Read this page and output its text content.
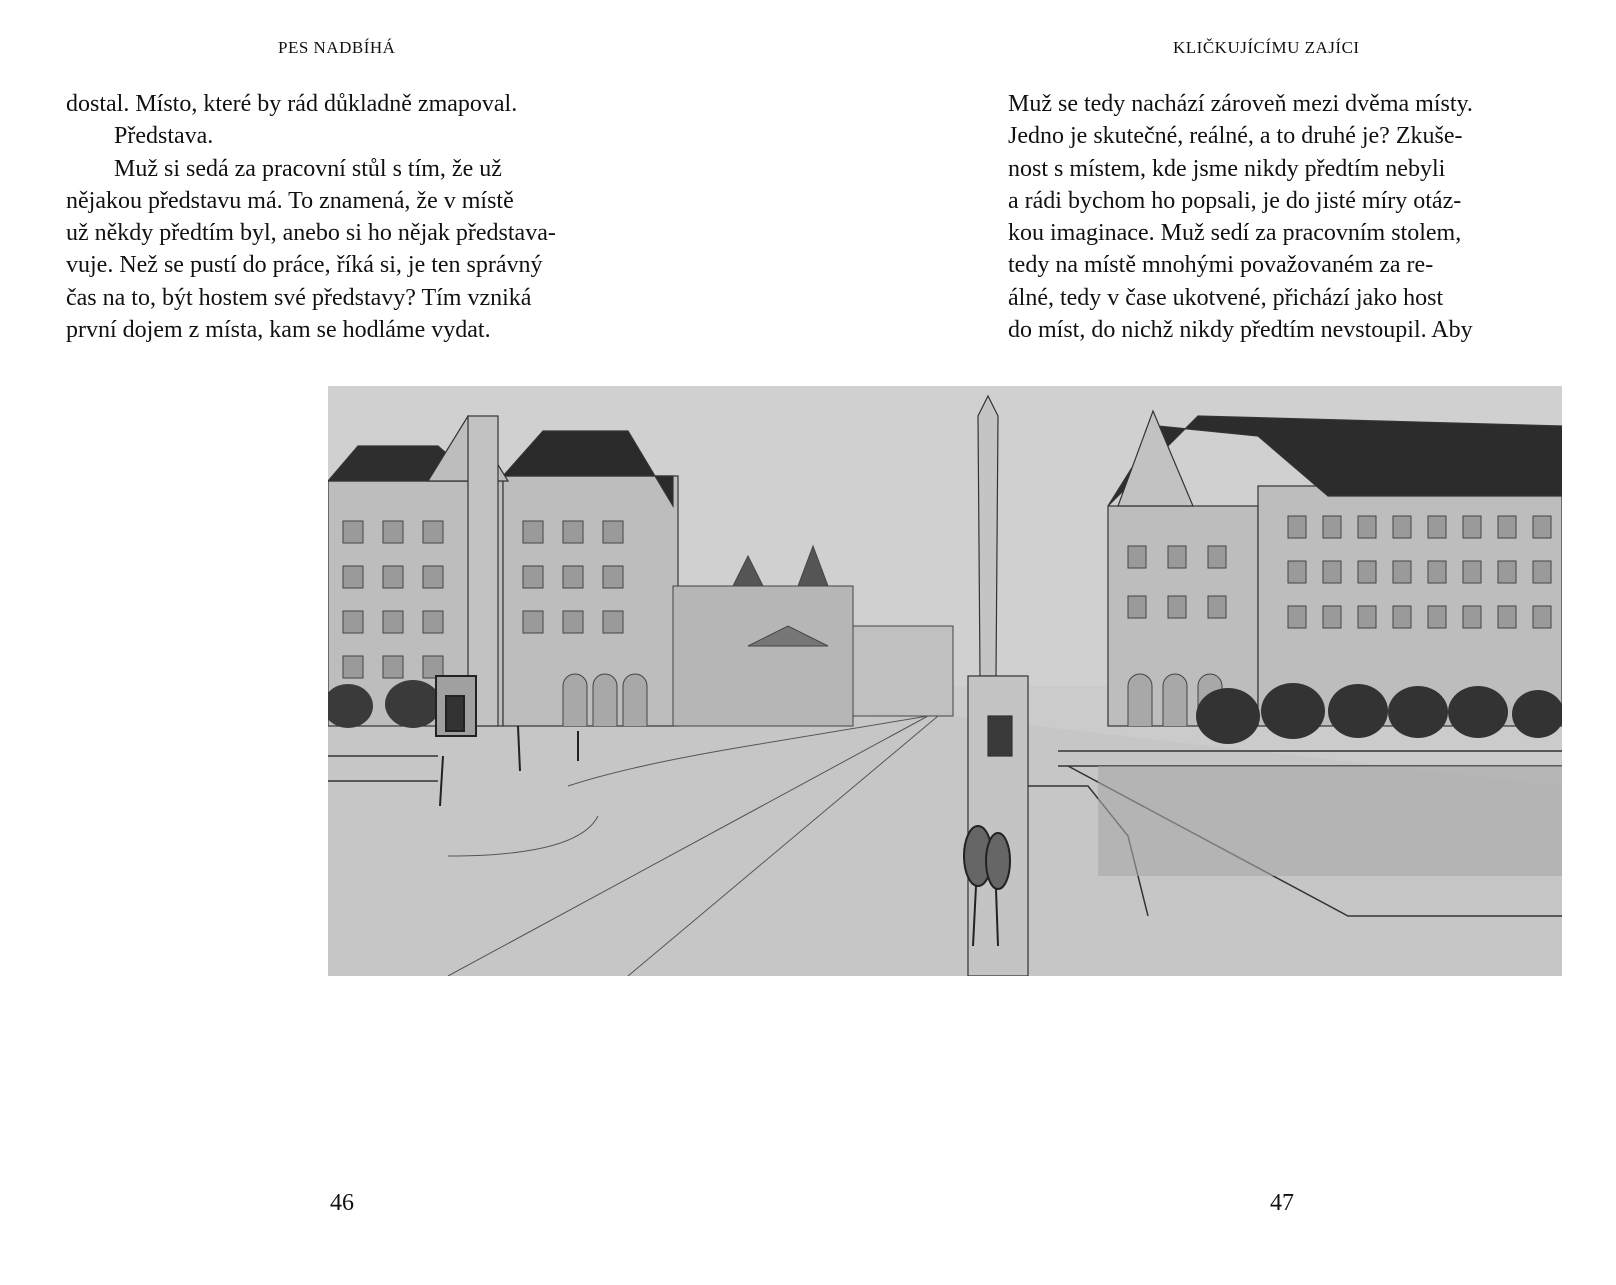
PES NADBÍHÁ
dostal. Místo, které by rád důkladně zmapoval.
Představa.
Muž si sedá za pracovní stůl s tím, že už
nějakou představu má. To znamená, že v místě
už někdy předtím byl, anebo si ho nějak představa-
vuje. Než se pustí do práce, říká si, je ten správný
čas na to, být hostem své představy? Tím vzniká
první dojem z místa, kam se hodláme vydat.
46
KLIČKUJÍCÍMU ZAJÍCI
Muž se tedy nachází zároveň mezi dvěma místy.
Jedno je skutečné, reálné, a to druhé je? Zkuše-
nost s místem, kde jsme nikdy předtím nebyli
a rádi bychom ho popsali, je do jisté míry otáz-
kou imaginace. Muž sedí za pracovním stolem,
tedy na místě mnohými považovaném za re-
álné, tedy v čase ukotvené, přichází jako host
do míst, do nichž nikdy předtím nevstoupil. Aby
47
